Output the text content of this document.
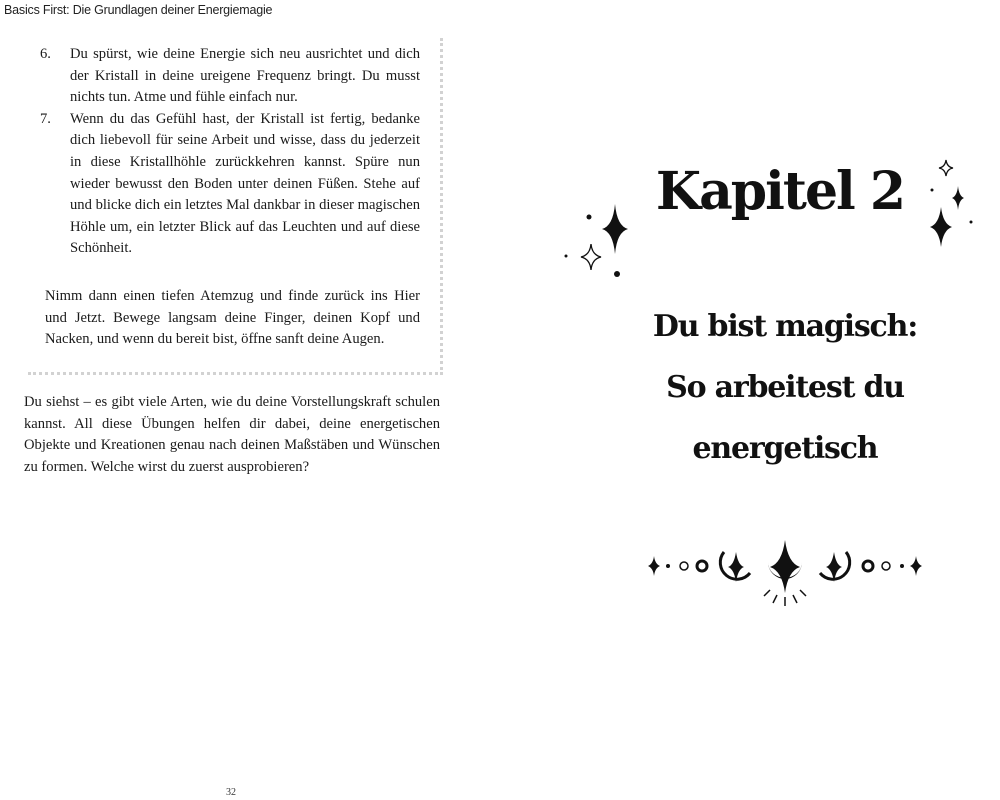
Basics First: Die Grundlagen deiner Energiemagie
6. Du spürst, wie deine Energie sich neu ausrichtet und dich der Kristall in deine ureigene Frequenz bringt. Du musst nichts tun. Atme und fühle einfach nur.
7. Wenn du das Gefühl hast, der Kristall ist fertig, bedanke dich liebevoll für seine Arbeit und wisse, dass du jederzeit in diese Kristallhöhle zurückkehren kannst. Spüre nun wieder bewusst den Boden unter deinen Füßen. Stehe auf und blicke dich ein letztes Mal dankbar in dieser magischen Höhle um, ein letzter Blick auf das Leuchten und auf diese Schönheit.

Nimm dann einen tiefen Atemzug und finde zurück ins Hier und Jetzt. Bewege langsam deine Finger, deinen Kopf und Nacken, und wenn du bereit bist, öffne sanft deine Augen.

Du siehst – es gibt viele Arten, wie du deine Vorstellungskraft schulen kannst. All diese Übungen helfen dir dabei, deine energetischen Objekte und Kreationen genau nach deinen Maßstäben und Wünschen zu formen. Welche wirst du zuerst ausprobieren?

32
Kapitel 2
Du bist magisch:
So arbeitest du
energetisch
